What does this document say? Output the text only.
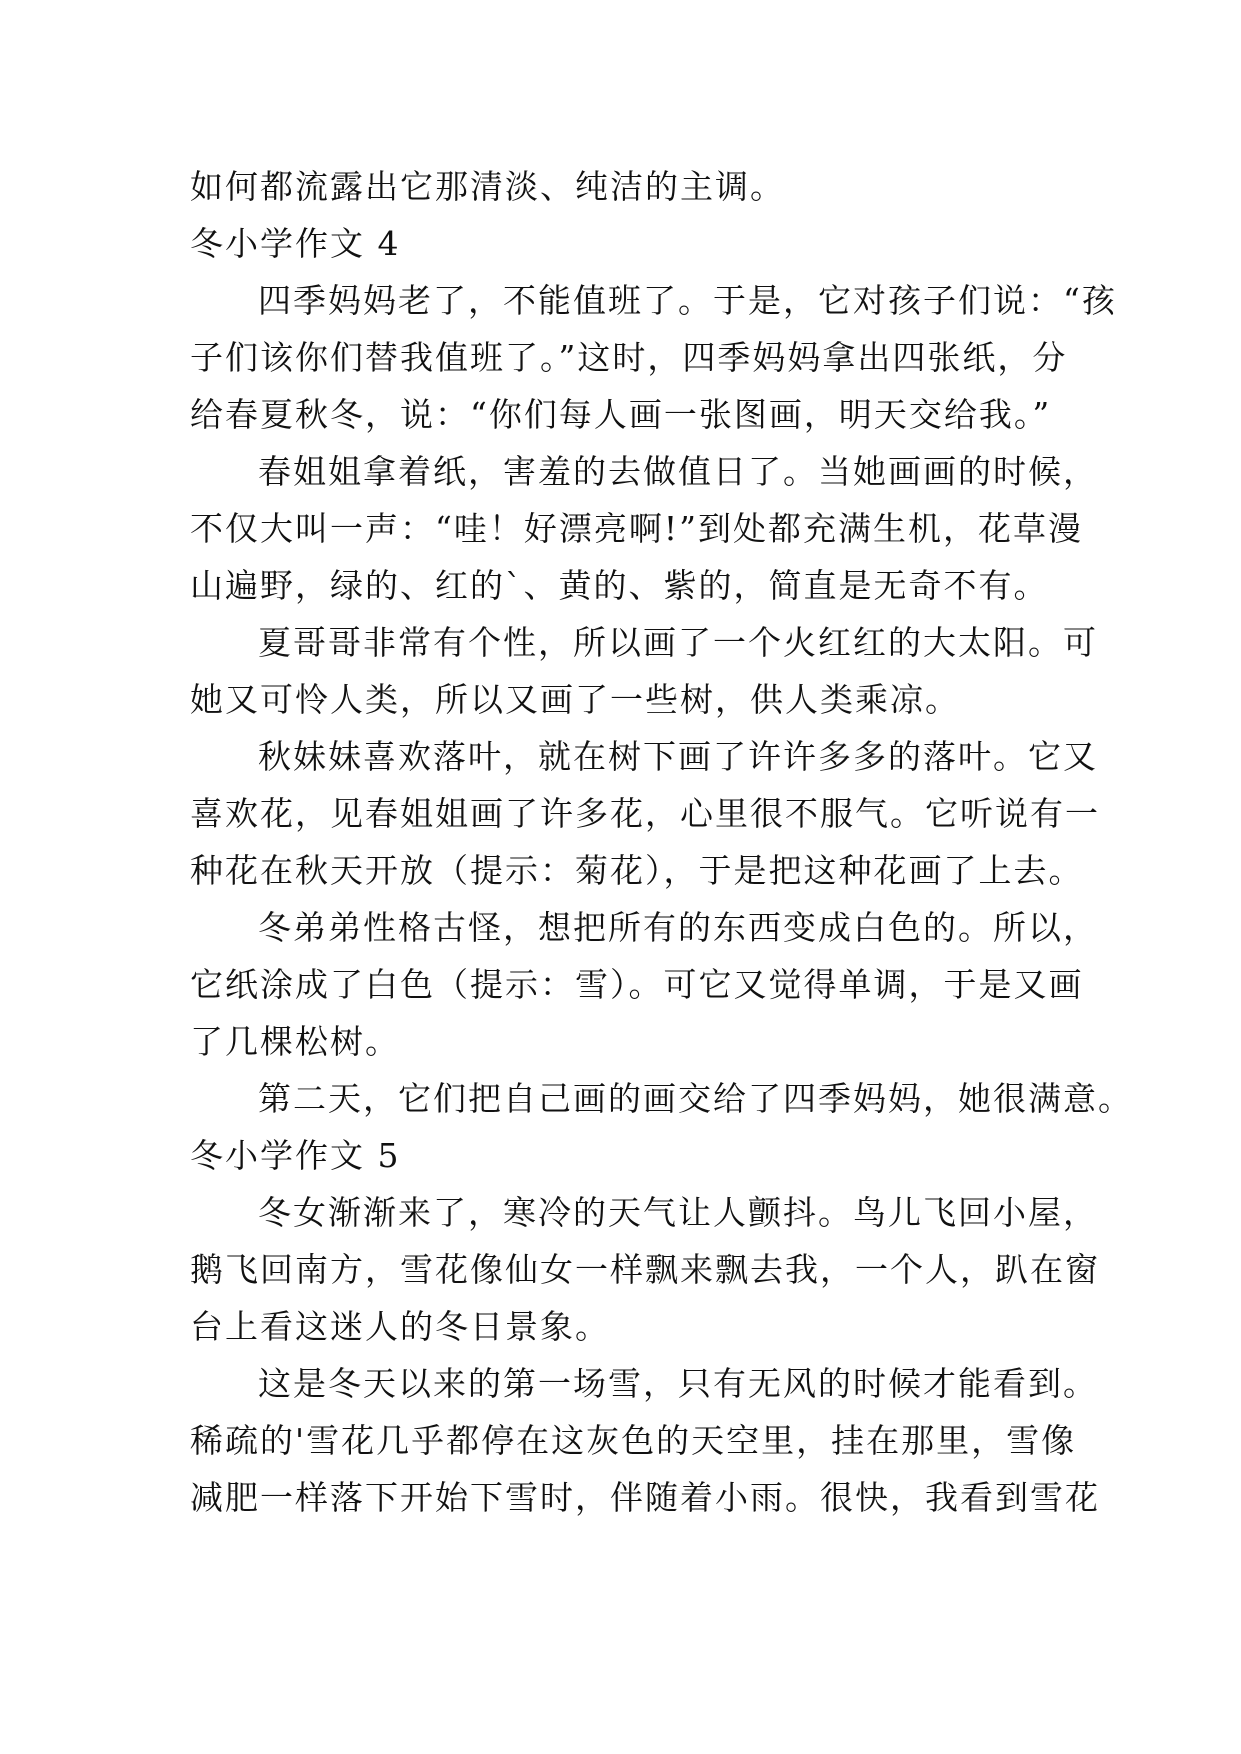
如何都流露出它那清淡、纯洁的主调。
冬小学作文 4
四季妈妈老了，不能值班了。于是，它对孩子们说：“孩
子们该你们替我值班了。”这时，四季妈妈拿出四张纸，分
给春夏秋冬，说：“你们每人画一张图画，明天交给我。”
春姐姐拿着纸，害羞的去做值日了。当她画画的时候，
不仅大叫一声：“哇！好漂亮啊!”到处都充满生机，花草漫
山遍野，绿的、红的`、黄的、紫的，简直是无奇不有。
夏哥哥非常有个性，所以画了一个火红红的大太阳。可
她又可怜人类，所以又画了一些树，供人类乘凉。
秋妹妹喜欢落叶，就在树下画了许许多多的落叶。它又
喜欢花，见春姐姐画了许多花，心里很不服气。它听说有一
种花在秋天开放（提示：菊花），于是把这种花画了上去。
冬弟弟性格古怪，想把所有的东西变成白色的。所以，
它纸涂成了白色（提示：雪）。可它又觉得单调，于是又画
了几棵松树。
第二天，它们把自己画的画交给了四季妈妈，她很满意。
冬小学作文 5
冬女渐渐来了，寒冷的天气让人颤抖。鸟儿飞回小屋，
鹅飞回南方，雪花像仙女一样飘来飘去我，一个人，趴在窗
台上看这迷人的冬日景象。
这是冬天以来的第一场雪，只有无风的时候才能看到。
稀疏的'雪花几乎都停在这灰色的天空里，挂在那里，雪像
减肥一样落下开始下雪时，伴随着小雨。很快，我看到雪花
